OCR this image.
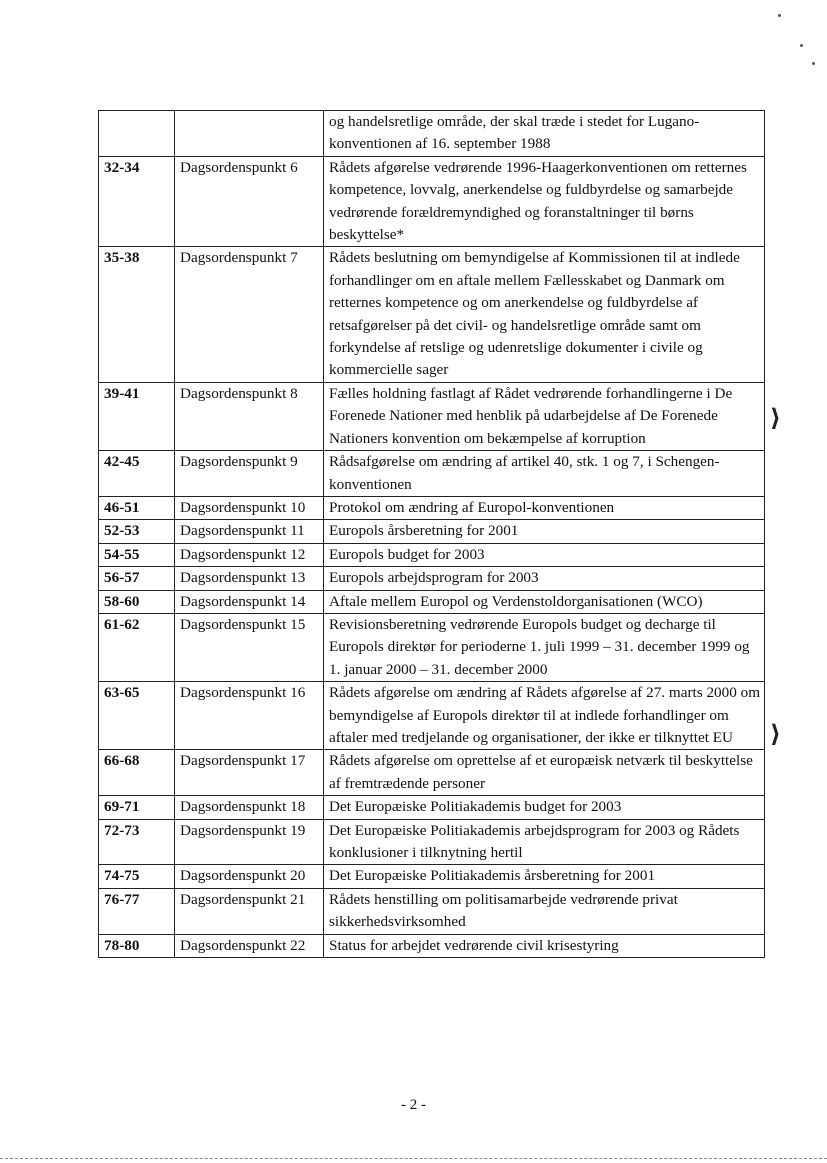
		og handelsretlige område, der skal træde i stedet for Lugano-konventionen af 16. september 1988
32-34	Dagsordenspunkt 6	Rådets afgørelse vedrørende 1996-Haagerkonventionen om retternes kompetence, lovvalg, anerkendelse og fuldbyrdelse og samarbejde vedrørende forældremyndighed og foranstaltninger til børns beskyttelse*
35-38	Dagsordenspunkt 7	Rådets beslutning om bemyndigelse af Kommissionen til at indlede forhandlinger om en aftale mellem Fællesskabet og Danmark om retternes kompetence og om anerkendelse og fuldbyrdelse af retsafgørelser på det civil- og handelsretlige område samt om forkyndelse af retslige og udenretslige dokumenter i civile og kommercielle sager
39-41	Dagsordenspunkt 8	Fælles holdning fastlagt af Rådet vedrørende forhandlingerne i De Forenede Nationer med henblik på udarbejdelse af De Forenede Nationers konvention om bekæmpelse af korruption
42-45	Dagsordenspunkt 9	Rådsafgørelse om ændring af artikel 40, stk. 1 og 7, i Schengen-konventionen
46-51	Dagsordenspunkt 10	Protokol om ændring af Europol-konventionen
52-53	Dagsordenspunkt 11	Europols årsberetning for 2001
54-55	Dagsordenspunkt 12	Europols budget for 2003
56-57	Dagsordenspunkt 13	Europols arbejdsprogram for 2003
58-60	Dagsordenspunkt 14	Aftale mellem Europol og Verdenstoldorganisationen (WCO)
61-62	Dagsordenspunkt 15	Revisionsberetning vedrørende Europols budget og decharge til Europols direktør for perioderne 1. juli 1999 – 31. december 1999 og 1. januar 2000 – 31. december 2000
63-65	Dagsordenspunkt 16	Rådets afgørelse om ændring af Rådets afgørelse af 27. marts 2000 om bemyndigelse af Europols direktør til at indlede forhandlinger om aftaler med tredjelande og organisationer, der ikke er tilknyttet EU
66-68	Dagsordenspunkt 17	Rådets afgørelse om oprettelse af et europæisk netværk til beskyttelse af fremtrædende personer
69-71	Dagsordenspunkt 18	Det Europæiske Politiakademis budget for 2003
72-73	Dagsordenspunkt 19	Det Europæiske Politiakademis arbejdsprogram for 2003 og Rådets konklusioner i tilknytning hertil
74-75	Dagsordenspunkt 20	Det Europæiske Politiakademis årsberetning for 2001
76-77	Dagsordenspunkt 21	Rådets henstilling om politisamarbejde vedrørende privat sikkerhedsvirksomhed
78-80	Dagsordenspunkt 22	Status for arbejdet vedrørende civil krisestyring
⟩
⟩
- 2 -
